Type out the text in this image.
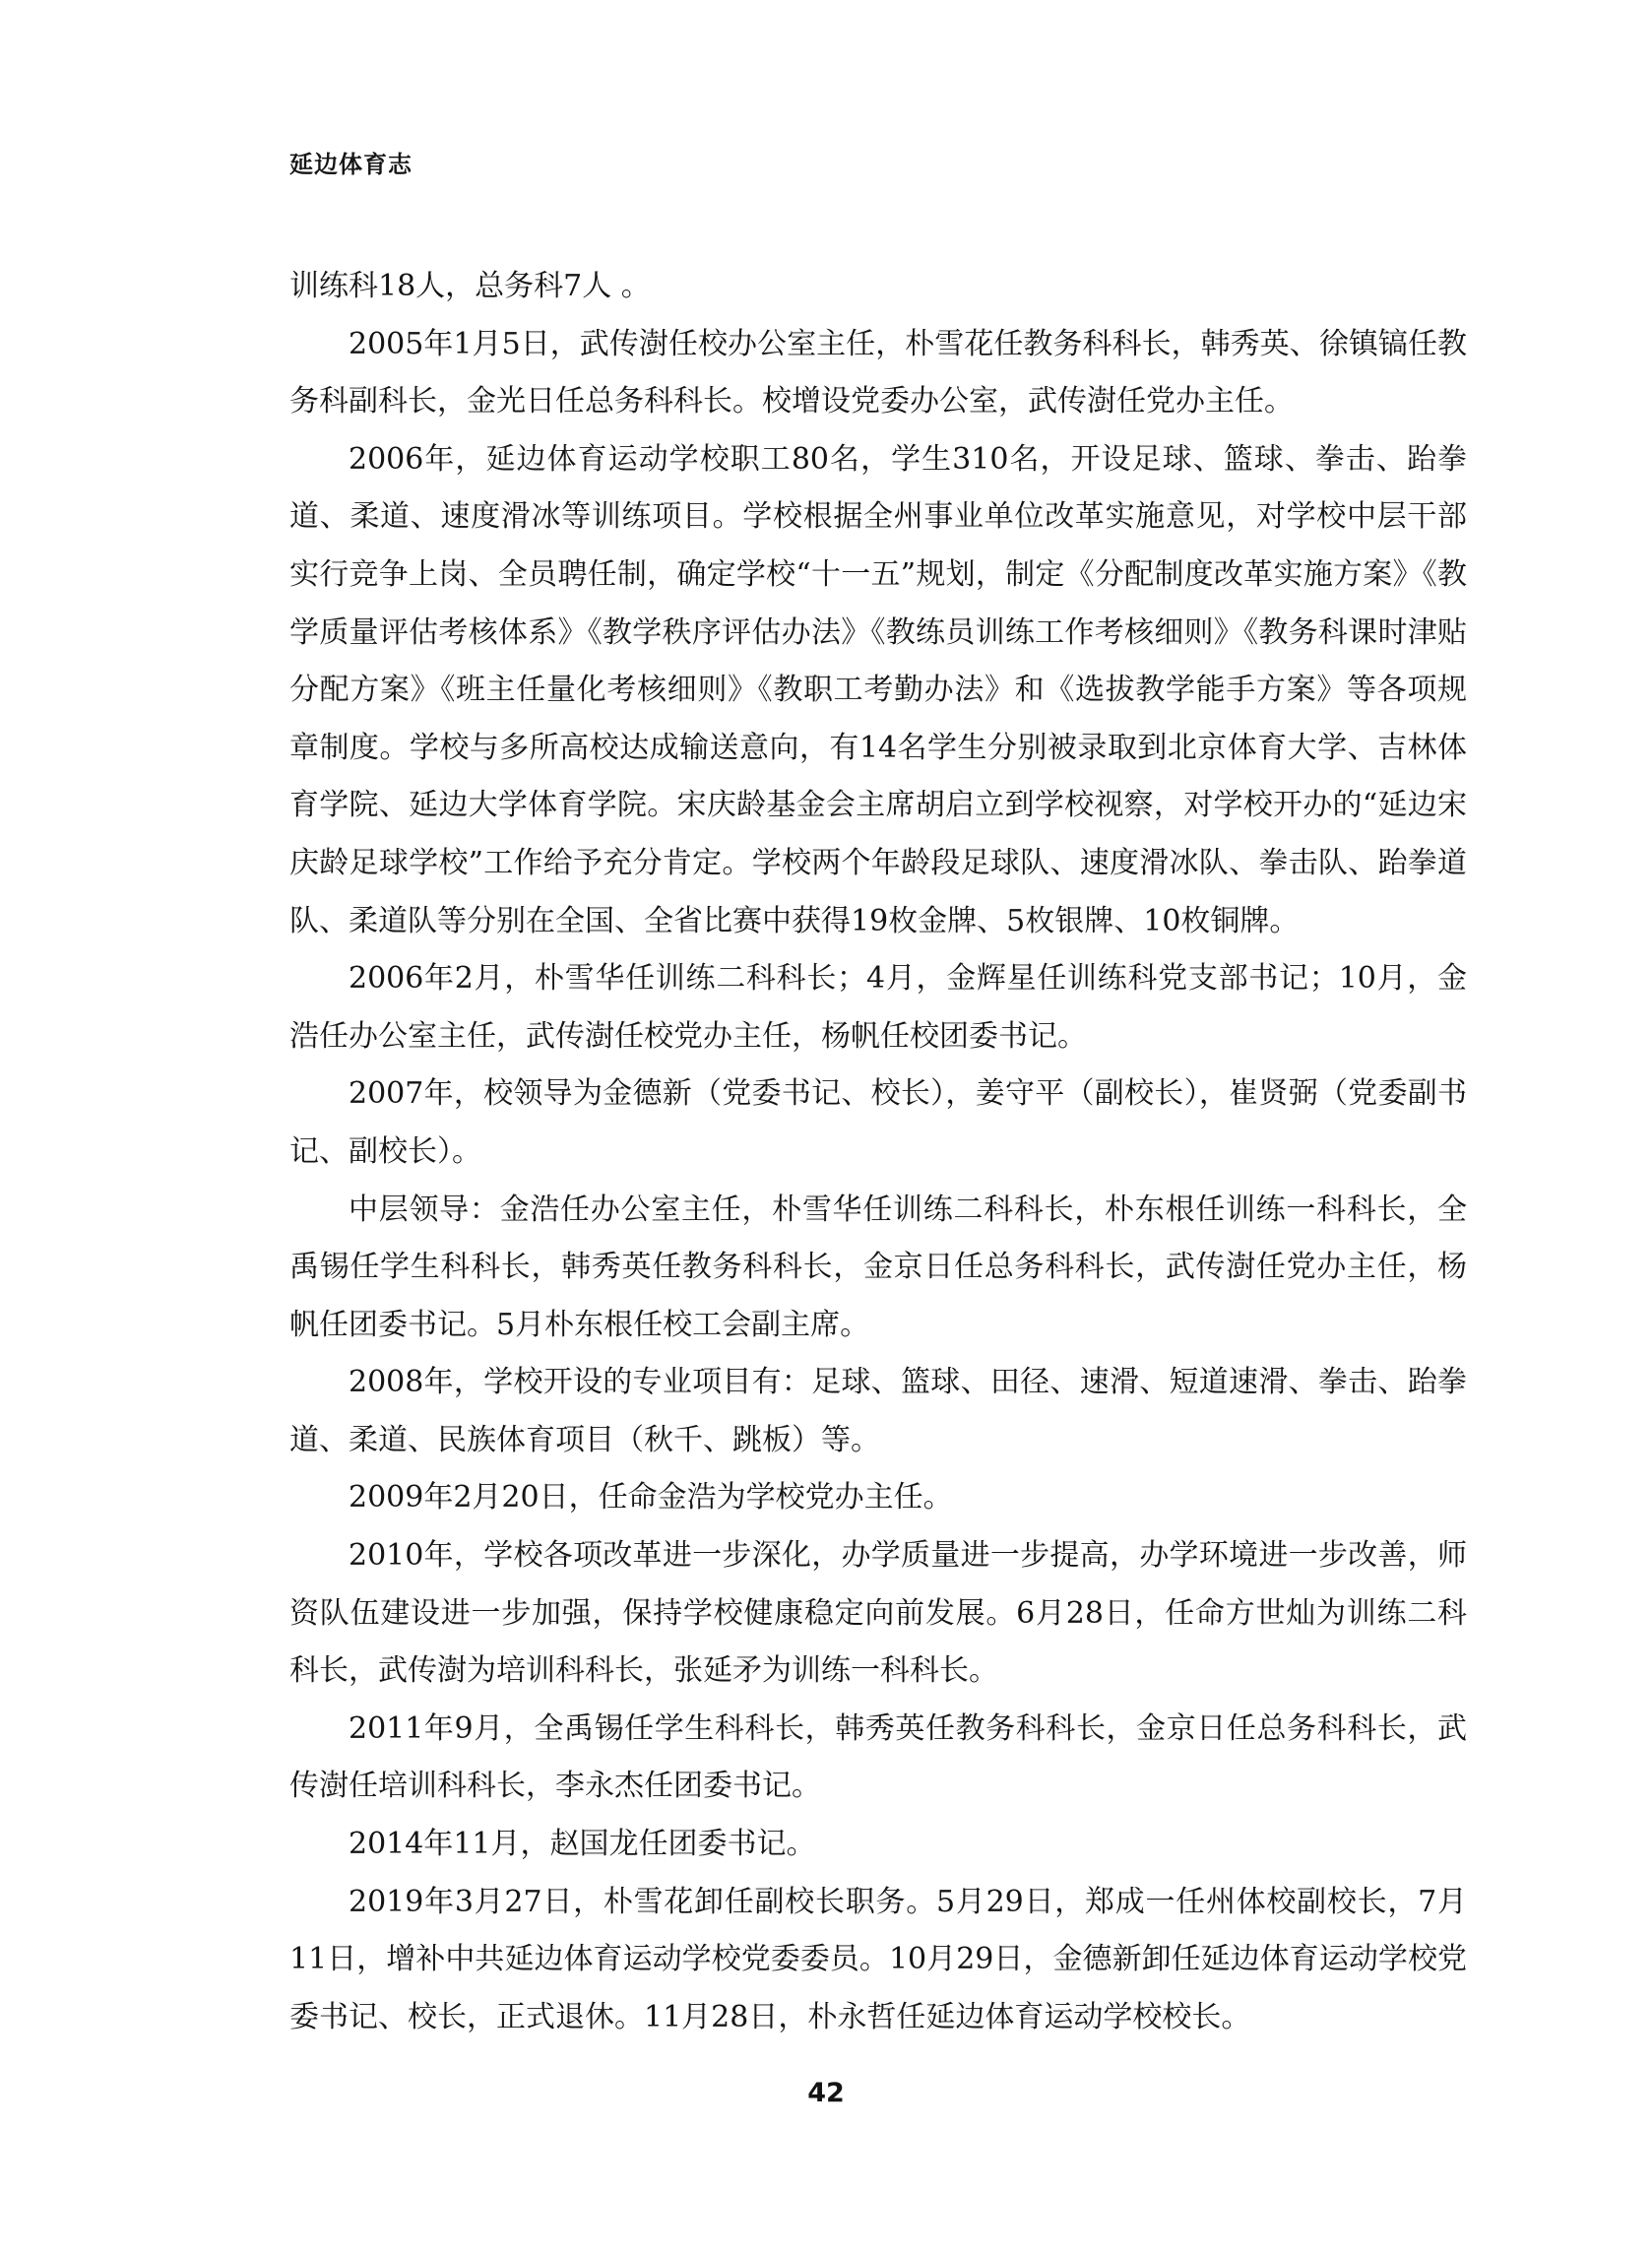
延边体育志

训练科18人，总务科7人 。

2005年1月5日，武传澍任校办公室主任，朴雪花任教务科科长，韩秀英、徐镇镐任教务科副科长，金光日任总务科科长。校增设党委办公室，武传澍任党办主任。

2006年，延边体育运动学校职工80名，学生310名，开设足球、篮球、拳击、跆拳道、柔道、速度滑冰等训练项目。学校根据全州事业单位改革实施意见，对学校中层干部实行竞争上岗、全员聘任制，确定学校“十一五”规划，制定《分配制度改革实施方案》《教学质量评估考核体系》《教学秩序评估办法》《教练员训练工作考核细则》《教务科课时津贴分配方案》《班主任量化考核细则》《教职工考勤办法》和《选拔教学能手方案》等各项规章制度。学校与多所高校达成输送意向，有14名学生分别被录取到北京体育大学、吉林体育学院、延边大学体育学院。宋庆龄基金会主席胡启立到学校视察，对学校开办的“延边宋庆龄足球学校”工作给予充分肯定。学校两个年龄段足球队、速度滑冰队、拳击队、跆拳道队、柔道队等分别在全国、全省比赛中获得19枚金牌、5枚银牌、10枚铜牌。

2006年2月，朴雪华任训练二科科长；4月，金辉星任训练科党支部书记；10月，金浩任办公室主任，武传澍任校党办主任，杨帆任校团委书记。

2007年，校领导为金德新（党委书记、校长），姜守平（副校长），崔贤弼（党委副书记、副校长）。

中层领导：金浩任办公室主任，朴雪华任训练二科科长，朴东根任训练一科科长，全禹锡任学生科科长，韩秀英任教务科科长，金京日任总务科科长，武传澍任党办主任，杨帆任团委书记。5月朴东根任校工会副主席。

2008年，学校开设的专业项目有：足球、篮球、田径、速滑、短道速滑、拳击、跆拳道、柔道、民族体育项目（秋千、跳板）等。

2009年2月20日，任命金浩为学校党办主任。

2010年，学校各项改革进一步深化，办学质量进一步提高，办学环境进一步改善，师资队伍建设进一步加强，保持学校健康稳定向前发展。6月28日，任命方世灿为训练二科科长，武传澍为培训科科长，张延矛为训练一科科长。

2011年9月，全禹锡任学生科科长，韩秀英任教务科科长，金京日任总务科科长，武传澍任培训科科长，李永杰任团委书记。

2014年11月，赵国龙任团委书记。

2019年3月27日，朴雪花卸任副校长职务。5月29日，郑成一任州体校副校长，7月11日，增补中共延边体育运动学校党委委员。10月29日，金德新卸任延边体育运动学校党委书记、校长，正式退休。11月28日，朴永哲任延边体育运动学校校长。

42
